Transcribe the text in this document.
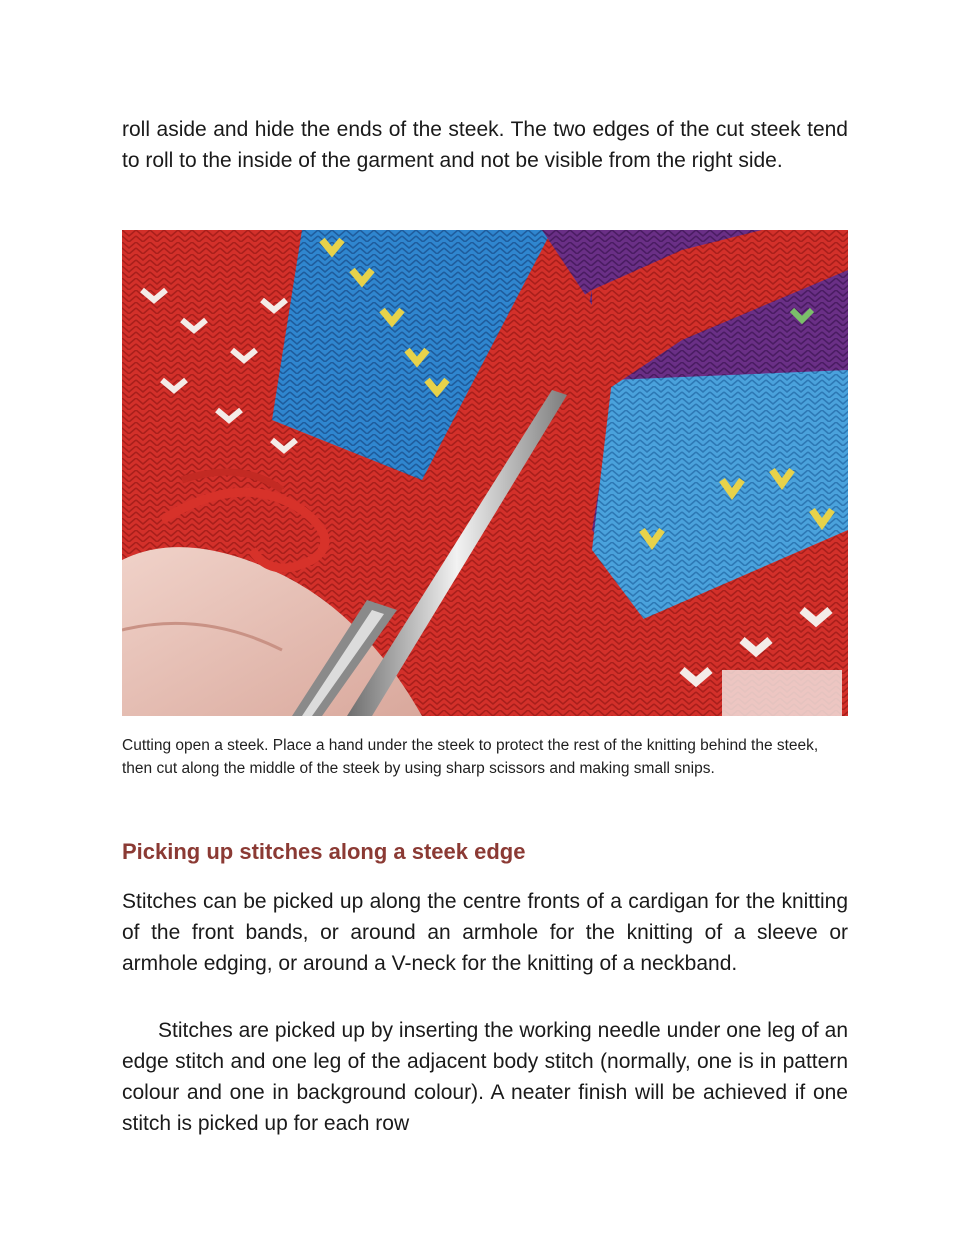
roll aside and hide the ends of the steek. The two edges of the cut steek tend to roll to the inside of the garment and not be visible from the right side.

Cutting open a steek. Place a hand under the steek to protect the rest of the knitting behind the steek, then cut along the middle of the steek by using sharp scissors and making small snips.

Picking up stitches along a steek edge

Stitches can be picked up along the centre fronts of a cardigan for the knitting of the front bands, or around an armhole for the knitting of a sleeve or armhole edging, or around a V-neck for the knitting of a neckband.

Stitches are picked up by inserting the working needle under one leg of an edge stitch and one leg of the adjacent body stitch (normally, one is in pattern colour and one in background colour). A neater finish will be achieved if one stitch is picked up for each row
